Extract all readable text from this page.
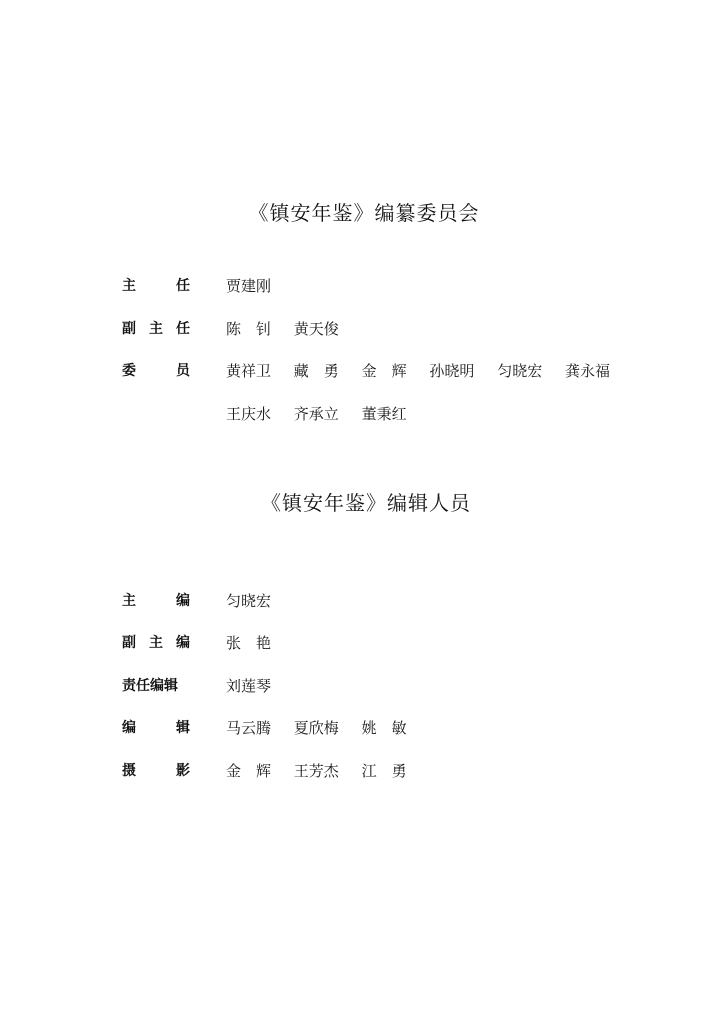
《镇安年鉴》编纂委员会
主	任 贾建刚
副 主 任 陈　钊 黄天俊
委	员 黄祥卫 藏　勇 金　辉 孙晓明 匀晓宏 龚永福
王庆水 齐承立 董秉红
《镇安年鉴》编辑人员
主	编 匀晓宏
副 主 编 张　艳
责任编辑	刘莲琴
编	辑 马云腾 夏欣梅 姚　敏
摄	影 金　辉 王芳杰 江　勇
